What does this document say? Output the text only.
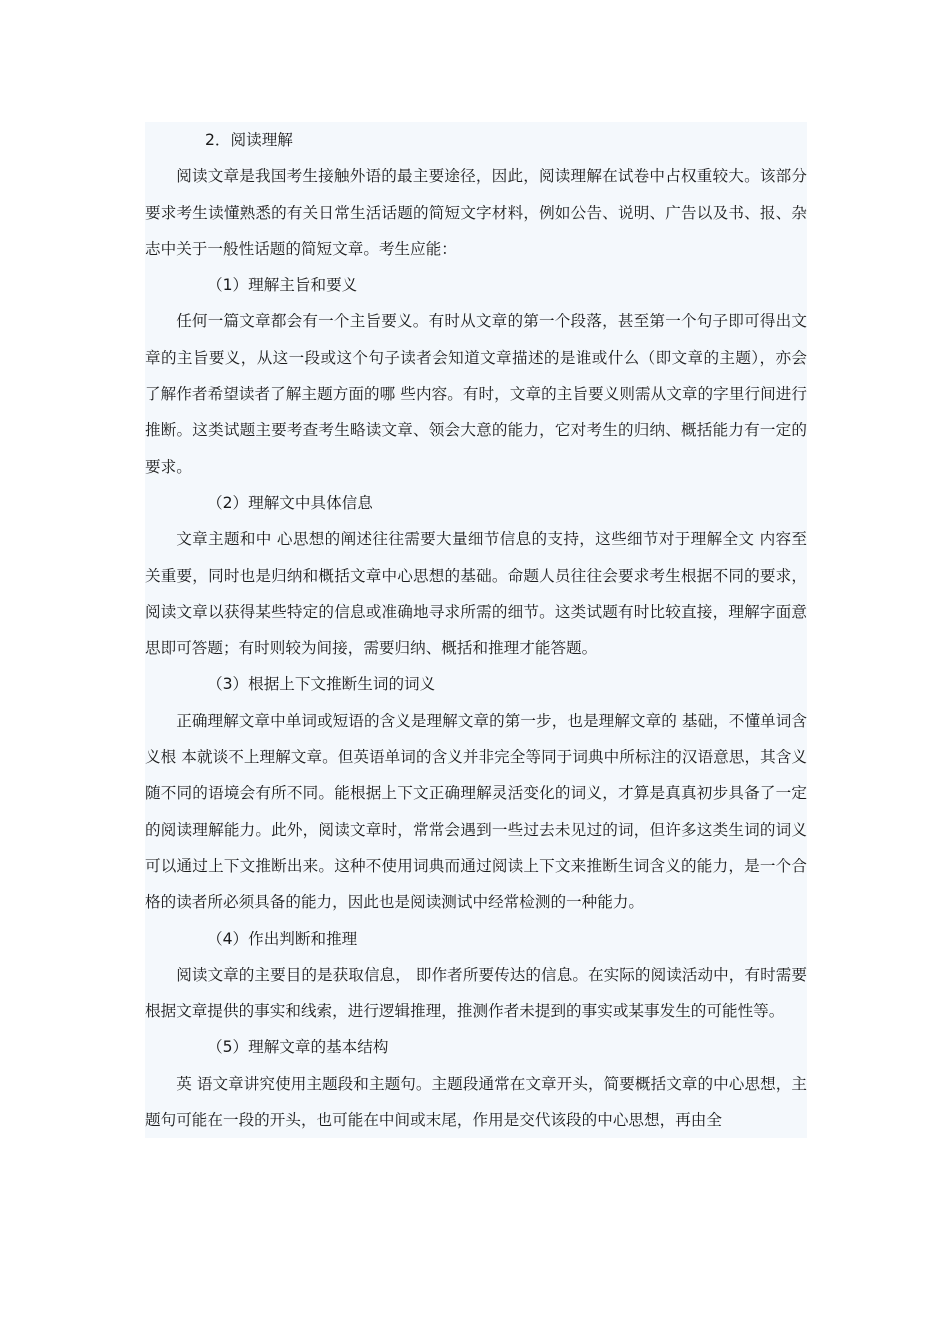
2．阅读理解

阅读文章是我国考生接触外语的最主要途径，因此，阅读理解在试卷中占权重较大。该部分要求考生读懂熟悉的有关日常生活话题的简短文字材料，例如公告、说明、广告以及书、报、杂志中关于一般性话题的简短文章。考生应能：

（1）理解主旨和要义

任何一篇文章都会有一个主旨要义。有时从文章的第一个段落，甚至第一个句子即可得出文章的主旨要义，从这一段或这个句子读者会知道文章描述的是谁或什么（即文章的主题），亦会了解作者希望读者了解主题方面的哪 些内容。有时，文章的主旨要义则需从文章的字里行间进行推断。这类试题主要考查考生略读文章、领会大意的能力，它对考生的归纳、概括能力有一定的要求。

（2）理解文中具体信息

文章主题和中 心思想的阐述往往需要大量细节信息的支持，这些细节对于理解全文 内容至关重要，同时也是归纳和概括文章中心思想的基础。命题人员往往会要求考生根据不同的要求，阅读文章以获得某些特定的信息或准确地寻求所需的细节。这类试题有时比较直接，理解字面意思即可答题；有时则较为间接，需要归纳、概括和推理才能答题。

（3）根据上下文推断生词的词义

正确理解文章中单词或短语的含义是理解文章的第一步，也是理解文章的 基础，不懂单词含义根 本就谈不上理解文章。但英语单词的含义并非完全等同于词典中所标注的汉语意思，其含义随不同的语境会有所不同。能根据上下文正确理解灵活变化的词义，才算是真真初步具备了一定的阅读理解能力。此外，阅读文章时，常常会遇到一些过去未见过的词，但许多这类生词的词义可以通过上下文推断出来。这种不使用词典而通过阅读上下文来推断生词含义的能力，是一个合格的读者所必须具备的能力，因此也是阅读测试中经常检测的一种能力。

（4）作出判断和推理

阅读文章的主要目的是获取信息， 即作者所要传达的信息。在实际的阅读活动中，有时需要根据文章提供的事实和线索，进行逻辑推理，推测作者未提到的事实或某事发生的可能性等。

（5）理解文章的基本结构

英 语文章讲究使用主题段和主题句。主题段通常在文章开头，简要概括文章的中心思想，主题句可能在一段的开头，也可能在中间或末尾，作用是交代该段的中心思想，再由全
